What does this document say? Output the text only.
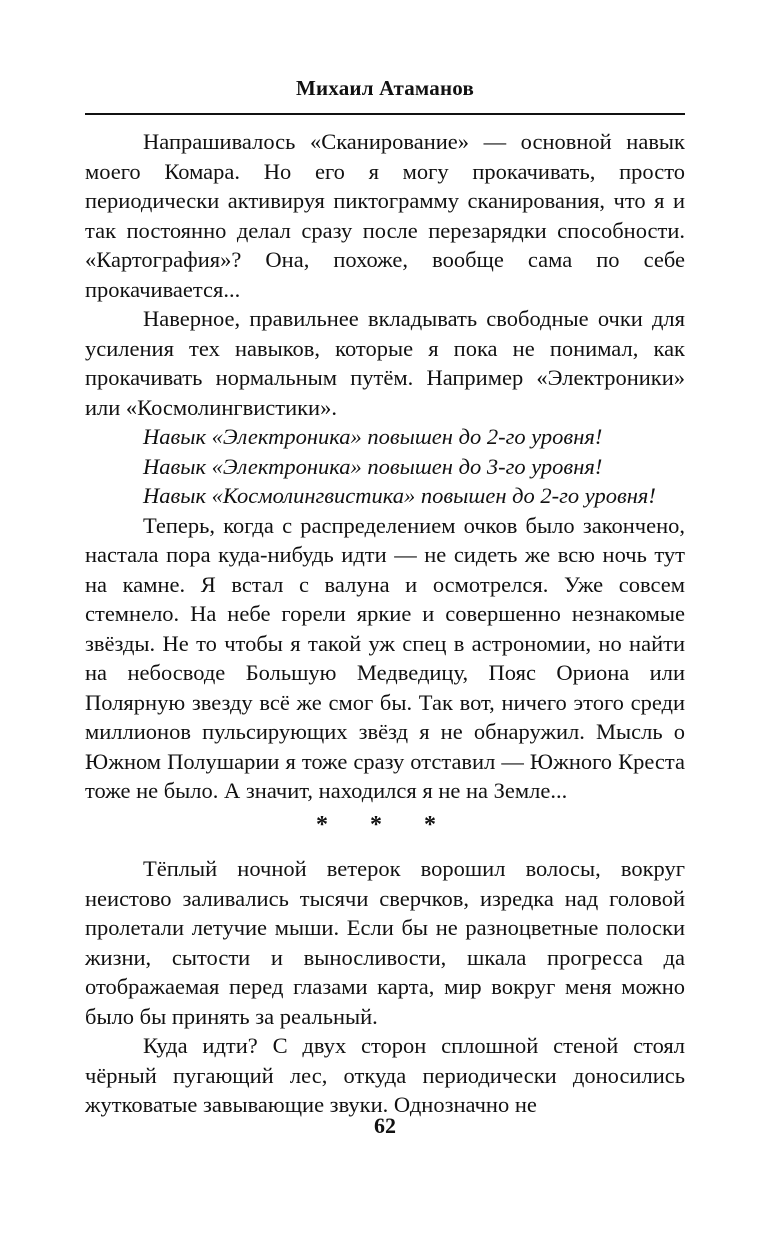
Михаил Атаманов

Напрашивалось «Сканирование» — основной навык моего Комара. Но его я могу прокачивать, просто периодически активируя пиктограмму сканирования, что я и так постоянно делал сразу после перезарядки способности. «Картография»? Она, похоже, вообще сама по себе прокачивается...

Наверное, правильнее вкладывать свободные очки для усиления тех навыков, которые я пока не понимал, как прокачивать нормальным путём. Например «Электроники» или «Космолингвистики».

Навык «Электроника» повышен до 2-го уровня!

Навык «Электроника» повышен до 3-го уровня!

Навык «Космолингвистика» повышен до 2-го уровня!

Теперь, когда с распределением очков было закончено, настала пора куда-нибудь идти — не сидеть же всю ночь тут на камне. Я встал с валуна и осмотрелся. Уже совсем стемнело. На небе горели яркие и совершенно незнакомые звёзды. Не то чтобы я такой уж спец в астрономии, но найти на небосводе Большую Медведицу, Пояс Ориона или Полярную звезду всё же смог бы. Так вот, ничего этого среди миллионов пульсирующих звёзд я не обнаружил. Мысль о Южном Полушарии я тоже сразу отставил — Южного Креста тоже не было. А значит, находился я не на Земле...

* * *

Тёплый ночной ветерок ворошил волосы, вокруг неистово заливались тысячи сверчков, изредка над головой пролетали летучие мыши. Если бы не разноцветные полоски жизни, сытости и выносливости, шкала прогресса да отображаемая перед глазами карта, мир вокруг меня можно было бы принять за реальный.

Куда идти? С двух сторон сплошной стеной стоял чёрный пугающий лес, откуда периодически доносились жутковатые завывающие звуки. Однозначно не

62
